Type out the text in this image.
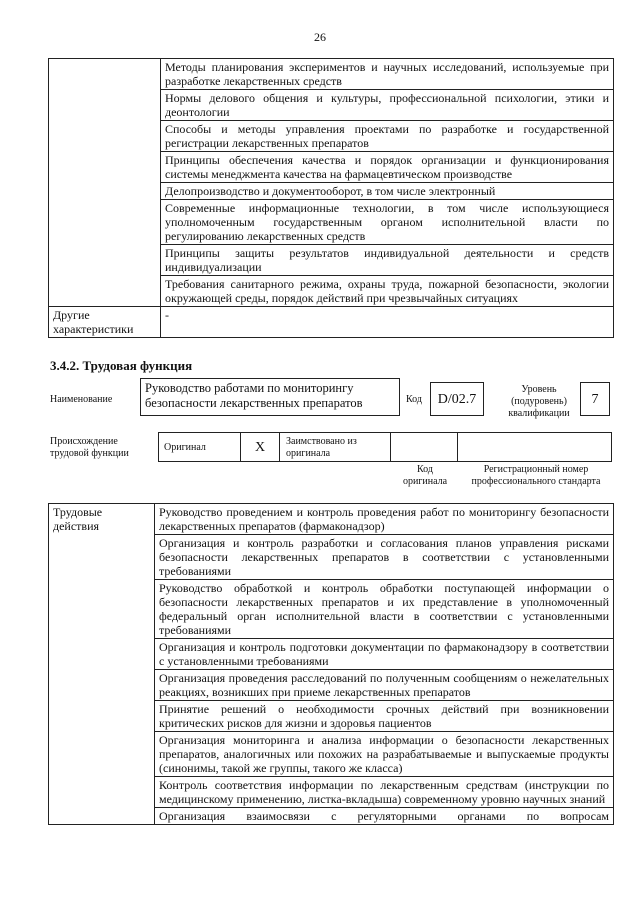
26
	Методы планирования экспериментов и научных исследований, используемые при разработке лекарственных средств
	Нормы делового общения и культуры, профессиональной психологии, этики и деонтологии
	Способы и методы управления проектами по разработке и государственной регистрации лекарственных препаратов
	Принципы обеспечения качества и порядок организации и функционирования системы менеджмента качества на фармацевтическом производстве
	Делопроизводство и документооборот, в том числе электронный
	Современные информационные технологии, в том числе использующиеся уполномоченным государственным органом исполнительной власти по регулированию лекарственных средств
	Принципы защиты результатов индивидуальной деятельности и средств индивидуализации
	Требования санитарного режима, охраны труда, пожарной безопасности, экологии окружающей среды, порядок действий при чрезвычайных ситуациях
Другие характеристики	-
3.4.2. Трудовая функция
Наименование
Руководство работами по мониторингу безопасности лекарственных препаратов	Код	D/02.7
Уровень (подуровень) квалификации
7
Происхождение трудовой функции
Оригинал	X	Заимствовано из оригинала
Код оригинала
Регистрационный номер профессионального стандарта
Трудовые действия	Руководство проведением и контроль проведения работ по мониторингу безопасности лекарственных препаратов (фармаконадзор)
Организация и контроль разработки и согласования планов управления рисками безопасности лекарственных препаратов в соответствии с установленными требованиями
Руководство обработкой и контроль обработки поступающей информации о безопасности лекарственных препаратов и их представление в уполномоченный федеральный орган исполнительной власти в соответствии с установленными требованиями
Организация и контроль подготовки документации по фармаконадзору в соответствии с установленными требованиями
Организация проведения расследований по полученным сообщениям о нежелательных реакциях, возникших при приеме лекарственных препаратов
Принятие решений о необходимости срочных действий при возникновении критических рисков для жизни и здоровья пациентов
Организация мониторинга и анализа информации о безопасности лекарственных препаратов, аналогичных или похожих на разрабатываемые и выпускаемые продукты (синонимы, такой же группы, такого же класса)
Контроль соответствия информации по лекарственным средствам (инструкции по медицинскому применению, листка-вкладыша) современному уровню научных знаний
Организация взаимосвязи с регуляторными органами по вопросам
